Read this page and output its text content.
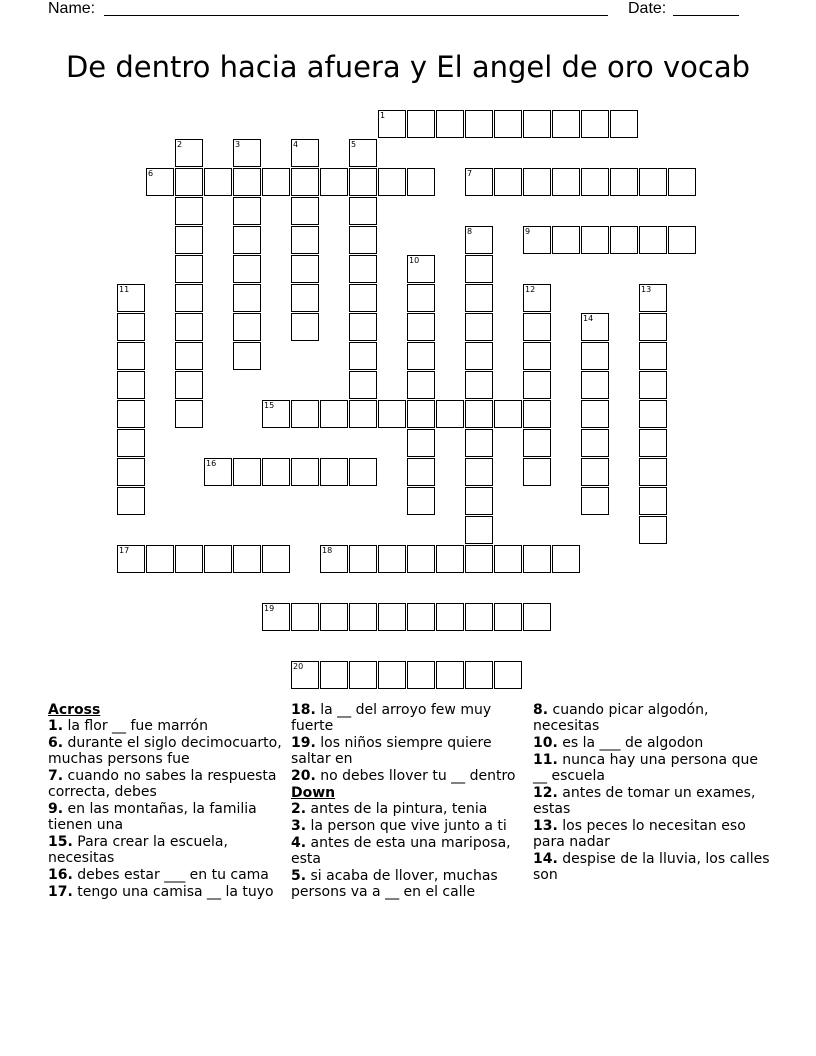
Name:	Date:
De dentro hacia afuera y El angel de oro vocab
1
2	3	4	5
6	7
8	9
10
11	12	13
14
15
16
17	18
19
20
Across
1. la flor __ fue marrón
6. durante el siglo decimocuarto, muchas persons fue
7. cuando no sabes la respuesta correcta, debes
9. en las montañas, la familia tienen una
15. Para crear la escuela, necesitas
16. debes estar ___ en tu cama
17. tengo una camisa __ la tuyo
18. la __ del arroyo few muy fuerte
19. los niños siempre quiere saltar en
20. no debes llover tu __ dentro
Down
2. antes de la pintura, tenia
3. la person que vive junto a ti
4. antes de esta una mariposa, esta
5. si acaba de llover, muchas persons va a __ en el calle
8. cuando picar algodón, necesitas
10. es la ___ de algodon
11. nunca hay una persona que __ escuela
12. antes de tomar un exames, estas
13. los peces lo necesitan eso para nadar
14. despise de la lluvia, los calles son
